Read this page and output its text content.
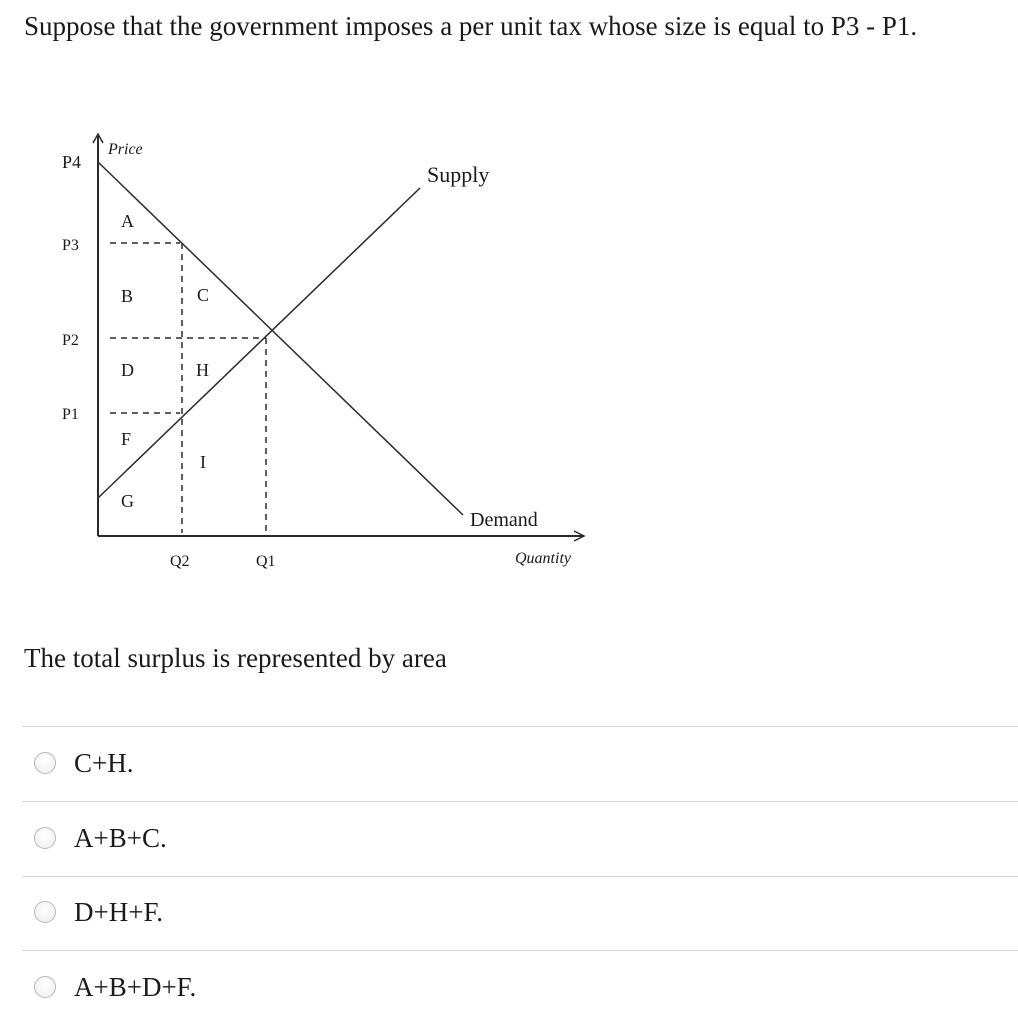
Suppose that the government imposes a per unit tax whose size is equal to P3 - P1.
Price
Quantity
P4
P3
P2
P1
Q2	Q1
Supply
Demand
A
B	C
D	H
F
I
G
The total surplus is represented by area
C+H.
A+B+C.
D+H+F.
A+B+D+F.
